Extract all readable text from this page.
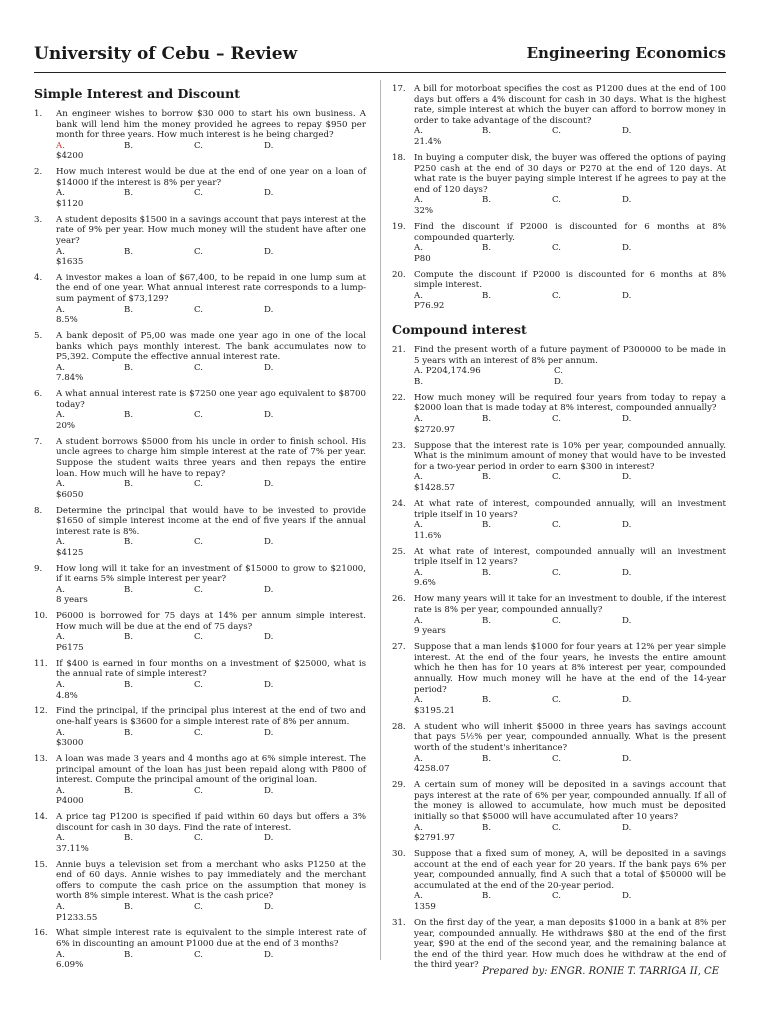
University of Cebu – Review	Engineering Economics
Simple Interest and Discount
1.	An engineer wishes to borrow $30 000 to start his own business. A bank will lend him the money provided he agrees to repay $950 per month for three years. How much interest is he being charged?
A. $4200
B.	C.	D.
2.	How much interest would be due at the end of one year on a loan of $14000 if the interest is 8% per year?
A. $1120
B.	C.	D.
3.	A student deposits $1500 in a savings account that pays interest at the rate of 9% per year. How much money will the student have after one year?
A. $1635
B.	C.	D.
4.	A investor makes a loan of $67,400, to be repaid in one lump sum at the end of one year. What annual interest rate corresponds to a lump-sum payment of $73,129?
A. 8.5%
B.	C.	D.
5.	A bank deposit of P5,00 was made one year ago in one of the local banks which pays monthly interest. The bank accumulates now to P5,392. Compute the effective annual interest rate.
A. 7.84%
B.	C.	D.
6.	A what annual interest rate is $7250 one year ago equivalent to $8700 today?
A. 20%
B.	C.	D.
7.	A student borrows $5000 from his uncle in order to finish school. His uncle agrees to charge him simple interest at the rate of 7% per year. Suppose the student waits three years and then repays the entire loan. How much will he have to repay?
A. $6050
B.	C.	D.
8.	Determine the principal that would have to be invested to provide $1650 of simple interest income at the end of five years if the annual interest rate is 8%.
A. $4125
B.	C.	D.
9.	How long will it take for an investment of $15000 to grow to $21000, if it earns 5% simple interest per year?
A. 8 years
B.	C.	D.
10. P6000 is borrowed for 75 days at 14% per annum simple interest. How much will be due at the end of 75 days?
A. P6175
B.	C.	D.
11. If $400 is earned in four months on a investment of $25000, what is the annual rate of simple interest?
A. 4.8%
B.	C.	D.
12. Find the principal, if the principal plus interest at the end of two and one-half years is $3600 for a simple interest rate of 8% per annum.
A. $3000
B.	C.	D.
13. A loan was made 3 years and 4 months ago at 6% simple interest. The principal amount of the loan has just been repaid along with P800 of interest. Compute the principal amount of the original loan.
A. P4000
B.	C.	D.
14. A price tag P1200 is specified if paid within 60 days but offers a 3% discount for cash in 30 days. Find the rate of interest.
A. 37.11%
B.	C.	D.
15. Annie buys a television set from a merchant who asks P1250 at the end of 60 days. Annie wishes to pay immediately and the merchant offers to compute the cash price on the assumption that money is worth 8% simple interest. What is the cash price?
A. P1233.55
B.	C.	D.
16. What simple interest rate is equivalent to the simple interest rate of 6% in discounting an amount P1000 due at the end of 3 months?
A. 6.09%
B.	C.	D.
17. A bill for motorboat specifies the cost as P1200 dues at the end of 100 days but offers a 4% discount for cash in 30 days. What is the highest rate, simple interest at which the buyer can afford to borrow money in order to take advantage of the discount?
A. 21.4%
B.	C.	D.
18. In buying a computer disk, the buyer was offered the options of paying P250 cash at the end of 30 days or P270 at the end of 120 days. At what rate is the buyer paying simple interest if he agrees to pay at the end of 120 days?
A. 32%
B.	C.	D.
19. Find the discount if P2000 is discounted for 6 months at 8% compounded quarterly.
A. P80
B.	C.	D.
20. Compute the discount if P2000 is discounted for 6 months at 8% simple interest.
A. P76.92
B.	C.	D.
Compound interest
21. Find the present worth of a future payment of P300000 to be made in 5 years with an interest of 8% per annum.
A. P204,174.96	C.
B.	D.
22. How much money will be required four years from today to repay a $2000 loan that is made today at 8% interest, compounded annually?
A. $2720.97
B.	C.	D.
23. Suppose that the interest rate is 10% per year, compounded annually. What is the minimum amount of money that would have to be invested for a two-year period in order to earn $300 in interest?
A. $1428.57
B.	C.	D.
24. At what rate of interest, compounded annually, will an investment triple itself in 10 years?
A. 11.6%
B.	C.	D.
25. At what rate of interest, compounded annually will an investment triple itself in 12 years?
A. 9.6%
B.	C.	D.
26. How many years will it take for an investment to double, if the interest rate is 8% per year, compounded annually?
A. 9 years
B.	C.	D.
27. Suppose that a man lends $1000 for four years at 12% per year simple interest. At the end of the four years, he invests the entire amount which he then has for 10 years at 8% interest per year, compounded annually. How much money will he have at the end of the 14-year period?
A. $3195.21
B.	C.	D.
28. A student who will inherit $5000 in three years has savings account that pays 5½% per year, compounded annually. What is the present worth of the student's inheritance?
A. 4258.07
B.	C.	D.
29. A certain sum of money will be deposited in a savings account that pays interest at the rate of 6% per year, compounded annually. If all of the money is allowed to accumulate, how much must be deposited initially so that $5000 will have accumulated after 10 years?
A. $2791.97
B.	C.	D.
30. Suppose that a fixed sum of money, A, will be deposited in a savings account at the end of each year for 20 years. If the bank pays 6% per year, compounded annually, find A such that a total of $50000 will be accumulated at the end of the 20-year period.
A. 1359
B.	C.	D.
31. On the first day of the year, a man deposits $1000 in a bank at 8% per year, compounded annually. He withdraws $80 at the end of the first year, $90 at the end of the second year, and the remaining balance at the end of the third year. How much does he withdraw at the end of the third year?
Prepared by: ENGR. RONIE T. TARRIGA II, CE
